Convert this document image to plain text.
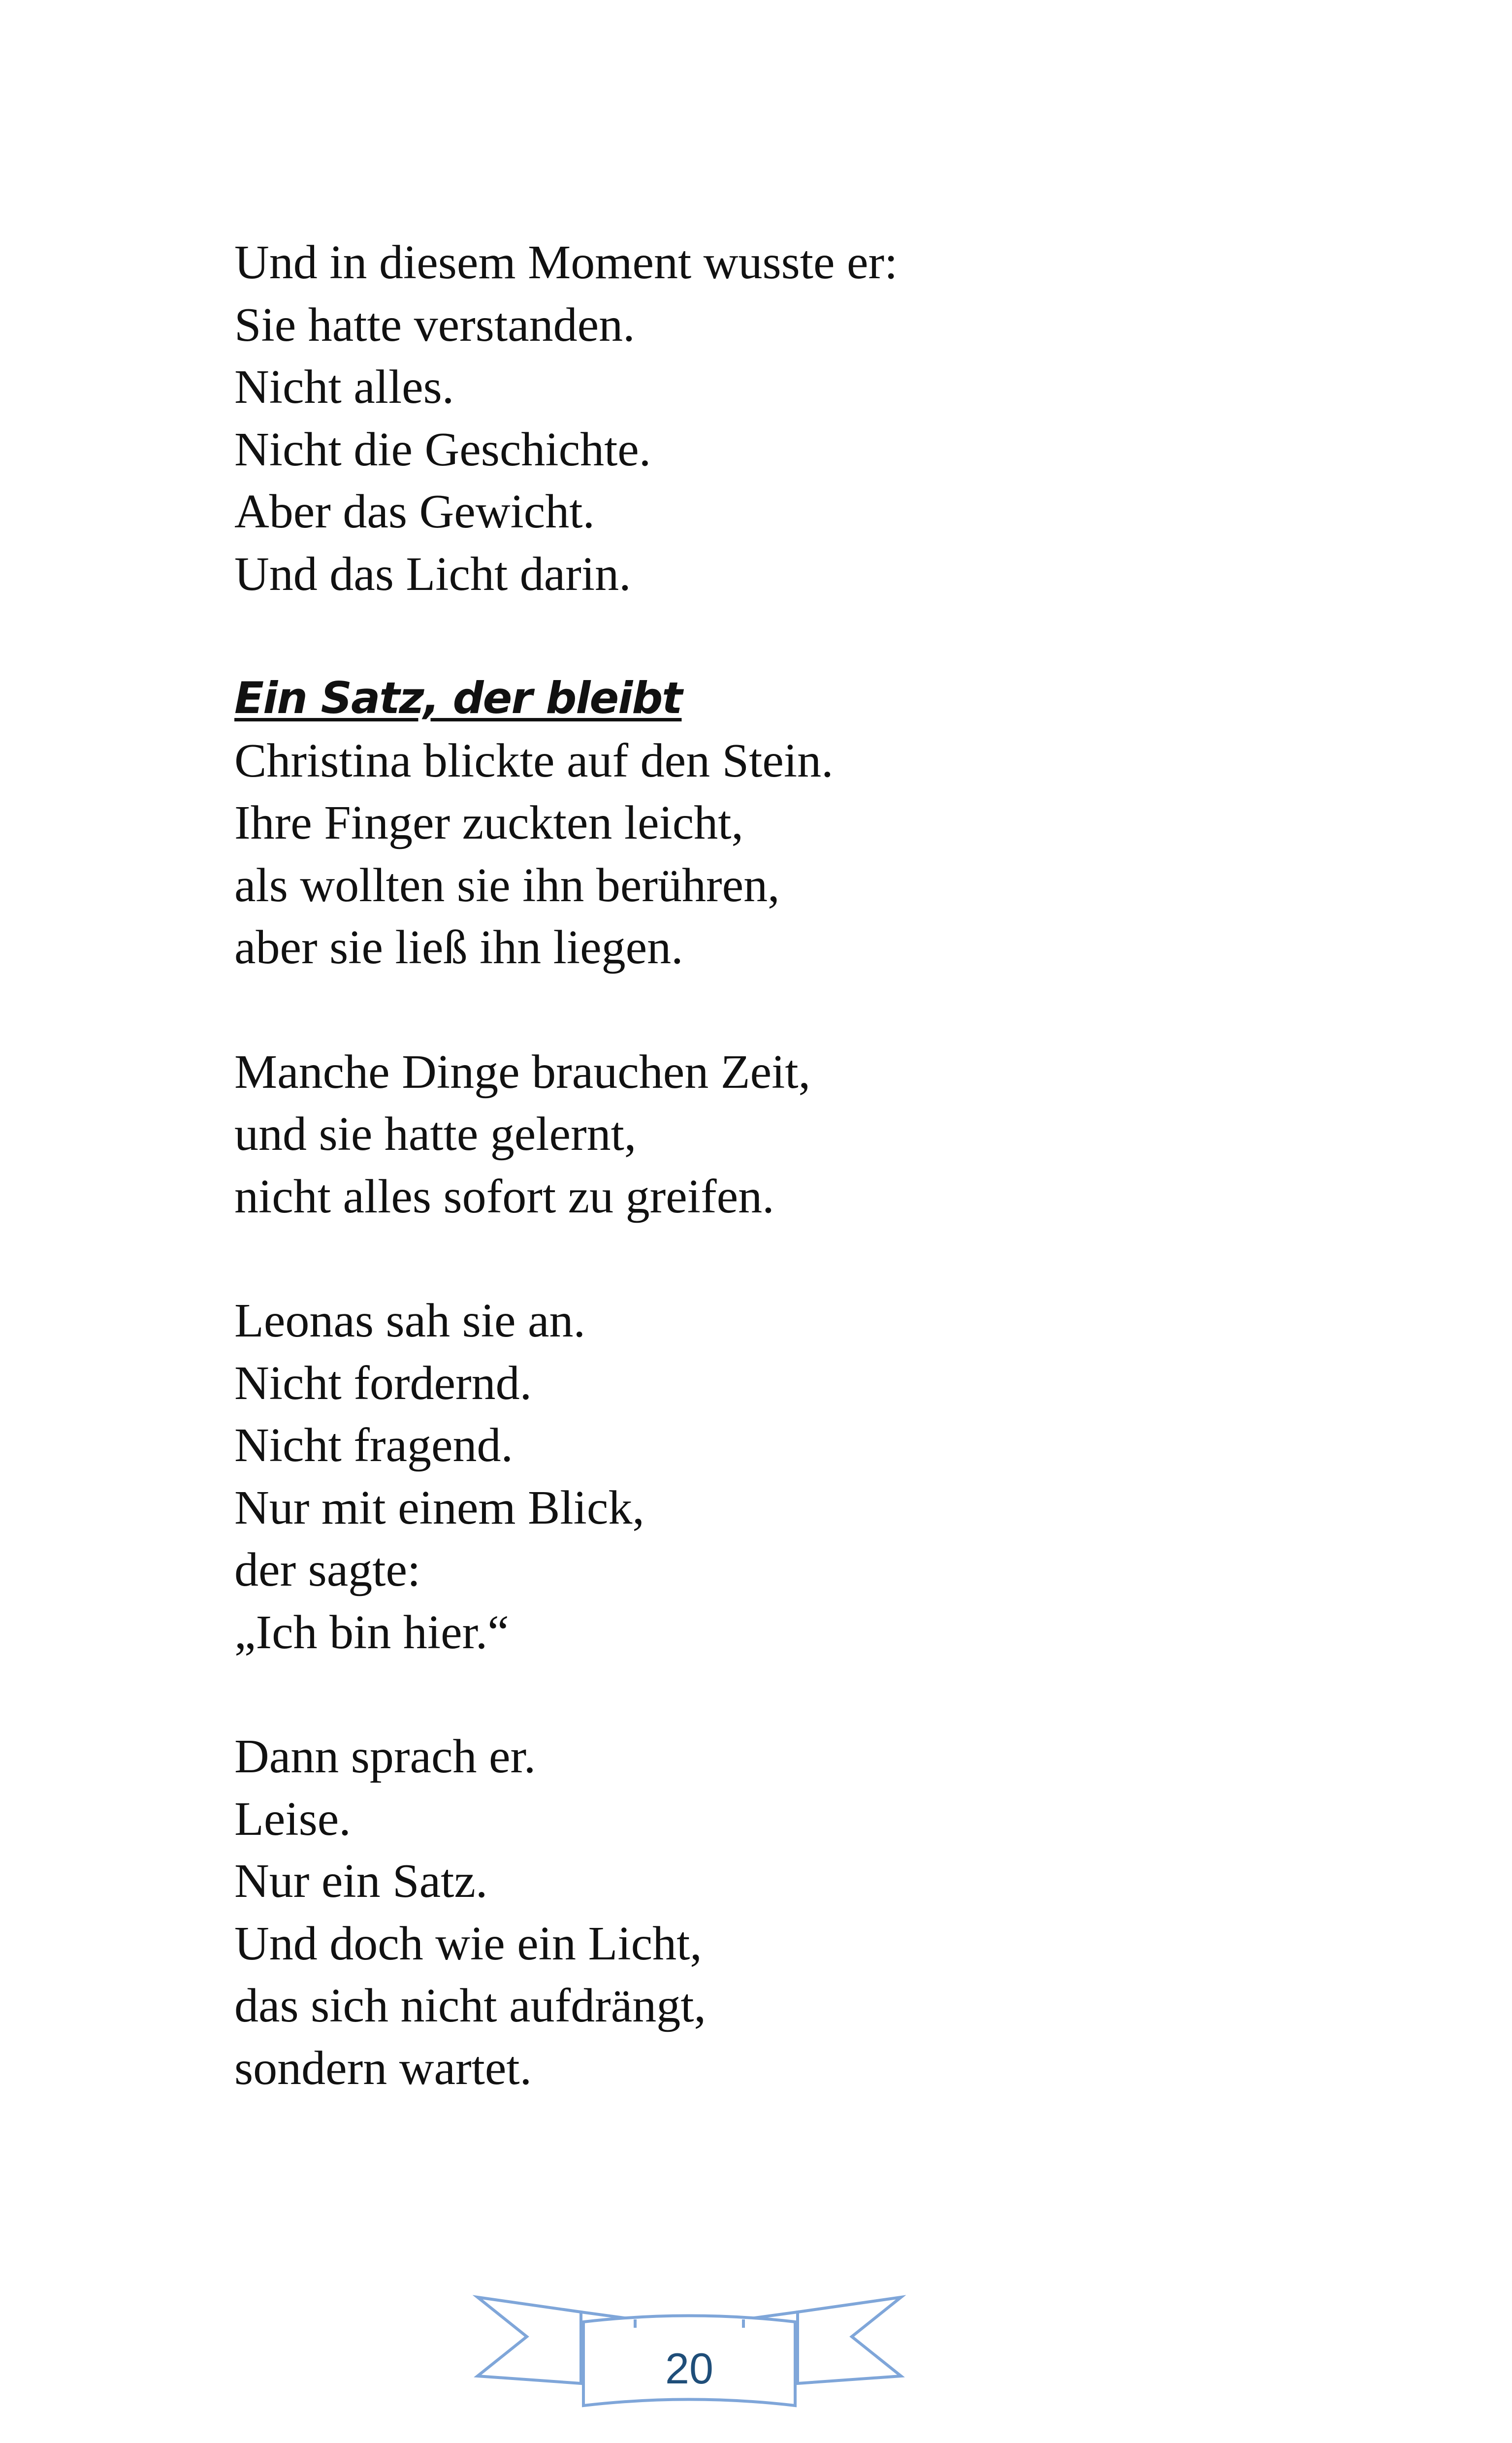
Und in diesem Moment wusste er:
Sie hatte verstanden.
Nicht alles.
Nicht die Geschichte.
Aber das Gewicht.
Und das Licht darin.
Ein Satz, der bleibt
Christina blickte auf den Stein.
Ihre Finger zuckten leicht,
als wollten sie ihn berühren,
aber sie ließ ihn liegen.
Manche Dinge brauchen Zeit,
und sie hatte gelernt,
nicht alles sofort zu greifen.
Leonas sah sie an.
Nicht fordernd.
Nicht fragend.
Nur mit einem Blick,
der sagte:
„Ich bin hier.“
Dann sprach er.
Leise.
Nur ein Satz.
Und doch wie ein Licht,
das sich nicht aufdrängt,
sondern wartet.
20
